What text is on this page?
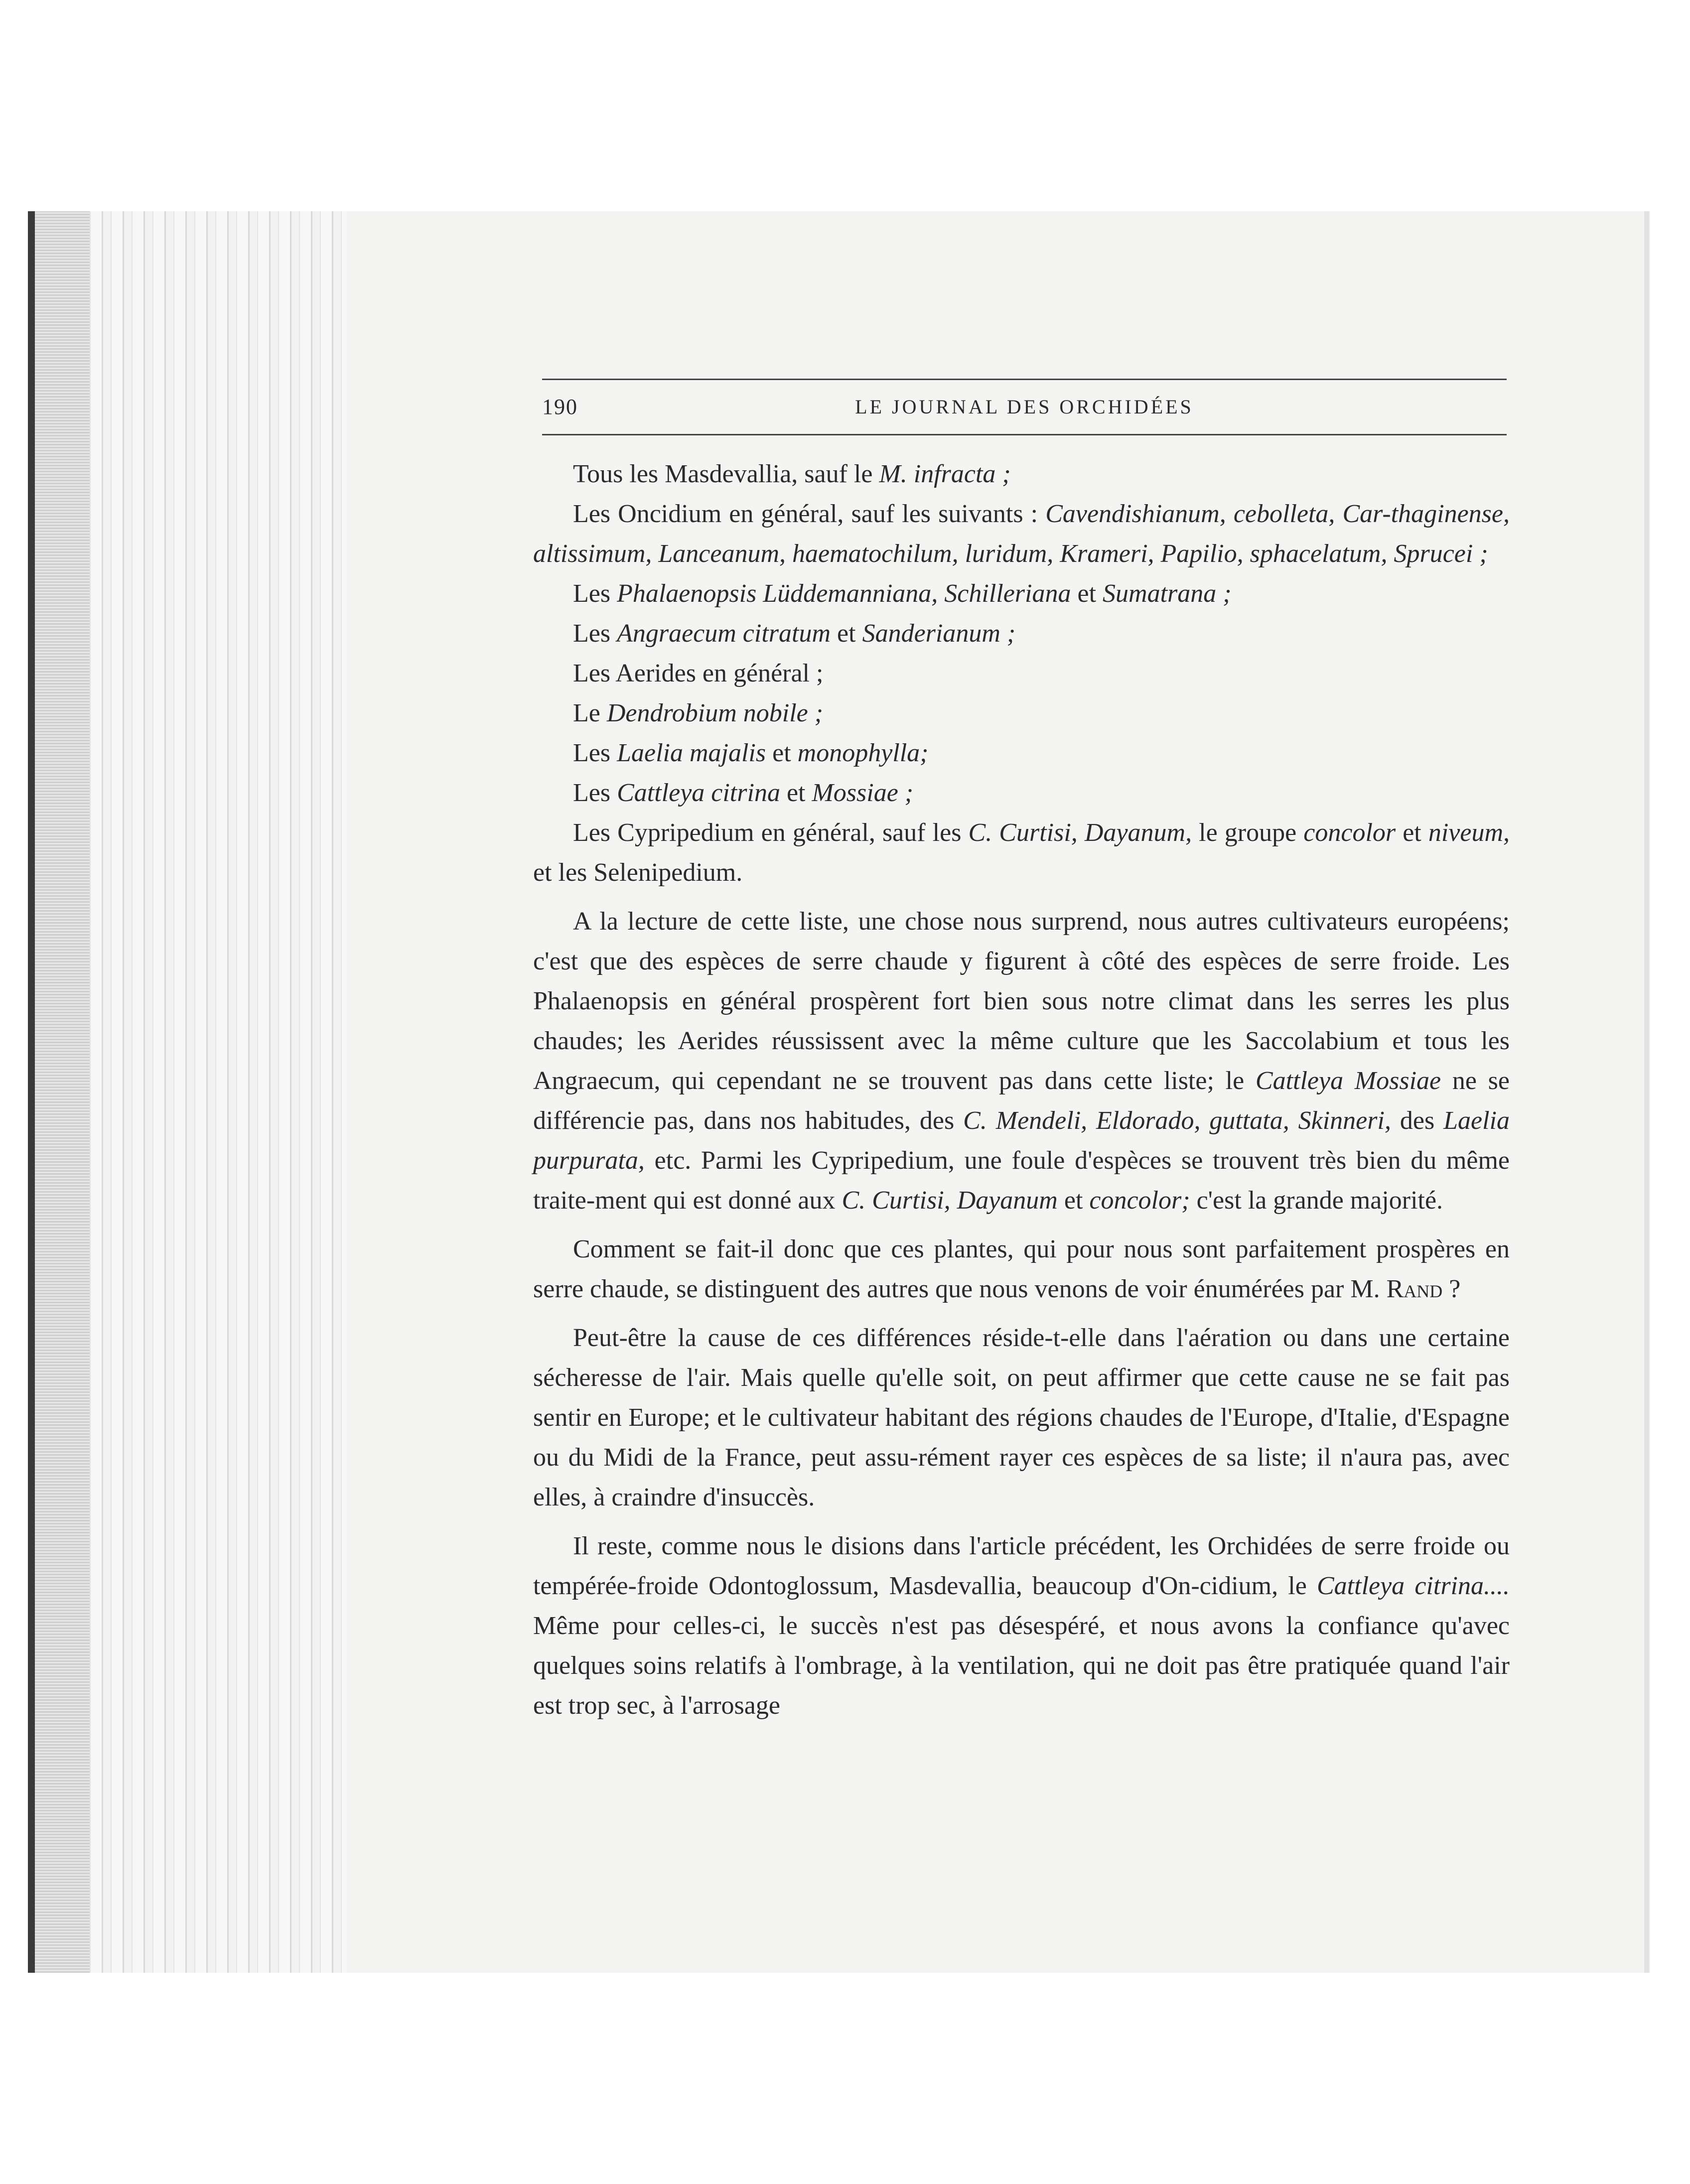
190	LE JOURNAL DES ORCHIDÉES

Tous les Masdevallia, sauf le M. infracta ;

Les Oncidium en général, sauf les suivants : Cavendishianum, cebolleta, Car-thaginense, altissimum, Lanceanum, haematochilum, luridum, Krameri, Papilio, sphacelatum, Sprucei ;

Les Phalaenopsis Lüddemanniana, Schilleriana et Sumatrana ;

Les Angraecum citratum et Sanderianum ;

Les Aerides en général ;

Le Dendrobium nobile ;

Les Laelia majalis et monophylla;

Les Cattleya citrina et Mossiae ;

Les Cypripedium en général, sauf les C. Curtisi, Dayanum, le groupe concolor et niveum, et les Selenipedium.

A la lecture de cette liste, une chose nous surprend, nous autres cultivateurs européens; c'est que des espèces de serre chaude y figurent à côté des espèces de serre froide. Les Phalaenopsis en général prospèrent fort bien sous notre climat dans les serres les plus chaudes; les Aerides réussissent avec la même culture que les Saccolabium et tous les Angraecum, qui cependant ne se trouvent pas dans cette liste; le Cattleya Mossiae ne se différencie pas, dans nos habitudes, des C. Mendeli, Eldorado, guttata, Skinneri, des Laelia purpurata, etc. Parmi les Cypripedium, une foule d'espèces se trouvent très bien du même traite-ment qui est donné aux C. Curtisi, Dayanum et concolor; c'est la grande majorité.

Comment se fait-il donc que ces plantes, qui pour nous sont parfaitement prospères en serre chaude, se distinguent des autres que nous venons de voir énumérées par M. Rand ?

Peut-être la cause de ces différences réside-t-elle dans l'aération ou dans une certaine sécheresse de l'air. Mais quelle qu'elle soit, on peut affirmer que cette cause ne se fait pas sentir en Europe; et le cultivateur habitant des régions chaudes de l'Europe, d'Italie, d'Espagne ou du Midi de la France, peut assu-rément rayer ces espèces de sa liste; il n'aura pas, avec elles, à craindre d'insuccès.

Il reste, comme nous le disions dans l'article précédent, les Orchidées de serre froide ou tempérée-froide Odontoglossum, Masdevallia, beaucoup d'On-cidium, le Cattleya citrina.... Même pour celles-ci, le succès n'est pas désespéré, et nous avons la confiance qu'avec quelques soins relatifs à l'ombrage, à la ventilation, qui ne doit pas être pratiquée quand l'air est trop sec, à l'arrosage
